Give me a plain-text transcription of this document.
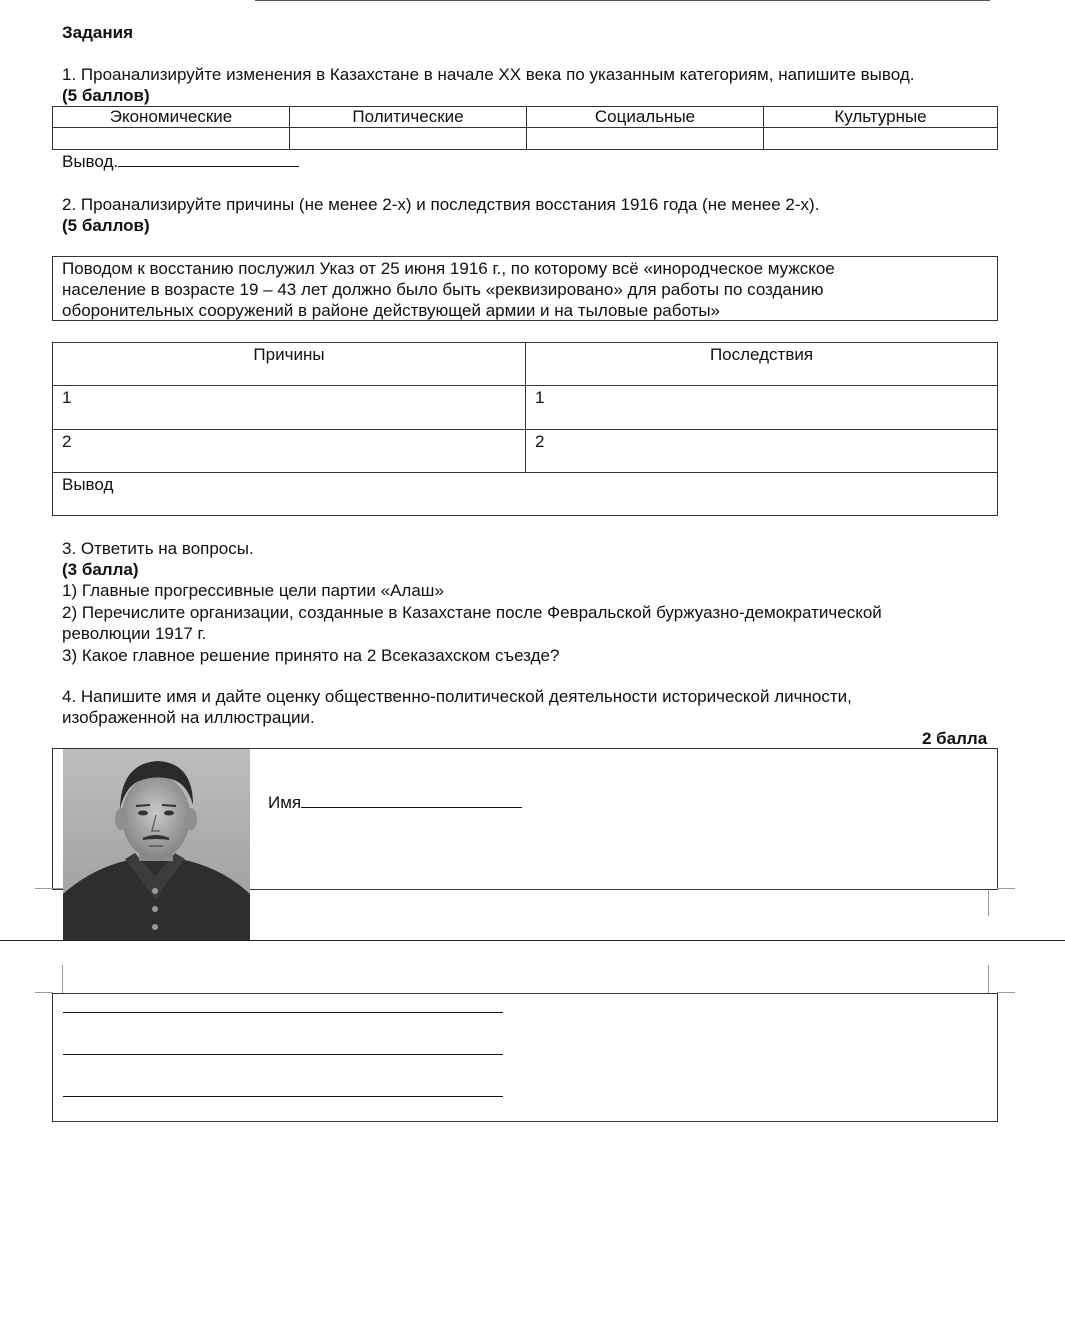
Задания
1. Проанализируйте изменения в Казахстане в начале XX века по указанным категориям, напишите вывод.
(5 баллов)
Экономические	Политические	Социальные	Культурные

Вывод.
2. Проанализируйте причины (не менее 2-х) и последствия восстания 1916 года (не менее 2-х).
(5 баллов)
Поводом к восстанию послужил Указ от 25 июня 1916 г., по которому всё «инородческое мужское
население в возрасте 19 – 43 лет должно было быть «реквизировано» для работы по созданию
оборонительных сооружений в районе действующей армии и на тыловые работы»
Причины	Последствия
1	1
2	2
Вывод	
3. Ответить на вопросы.
(3 балла)
1) Главные прогрессивные цели партии «Алаш»
2) Перечислите организации, созданные в Казахстане после Февральской буржуазно-демократической
революции 1917 г.
3) Какое главное решение принято на 2 Всеказахском съезде?
4. Напишите имя и дайте оценку общественно-политической деятельности исторической личности,
изображенной на иллюстрации.
2 балла
Имя
